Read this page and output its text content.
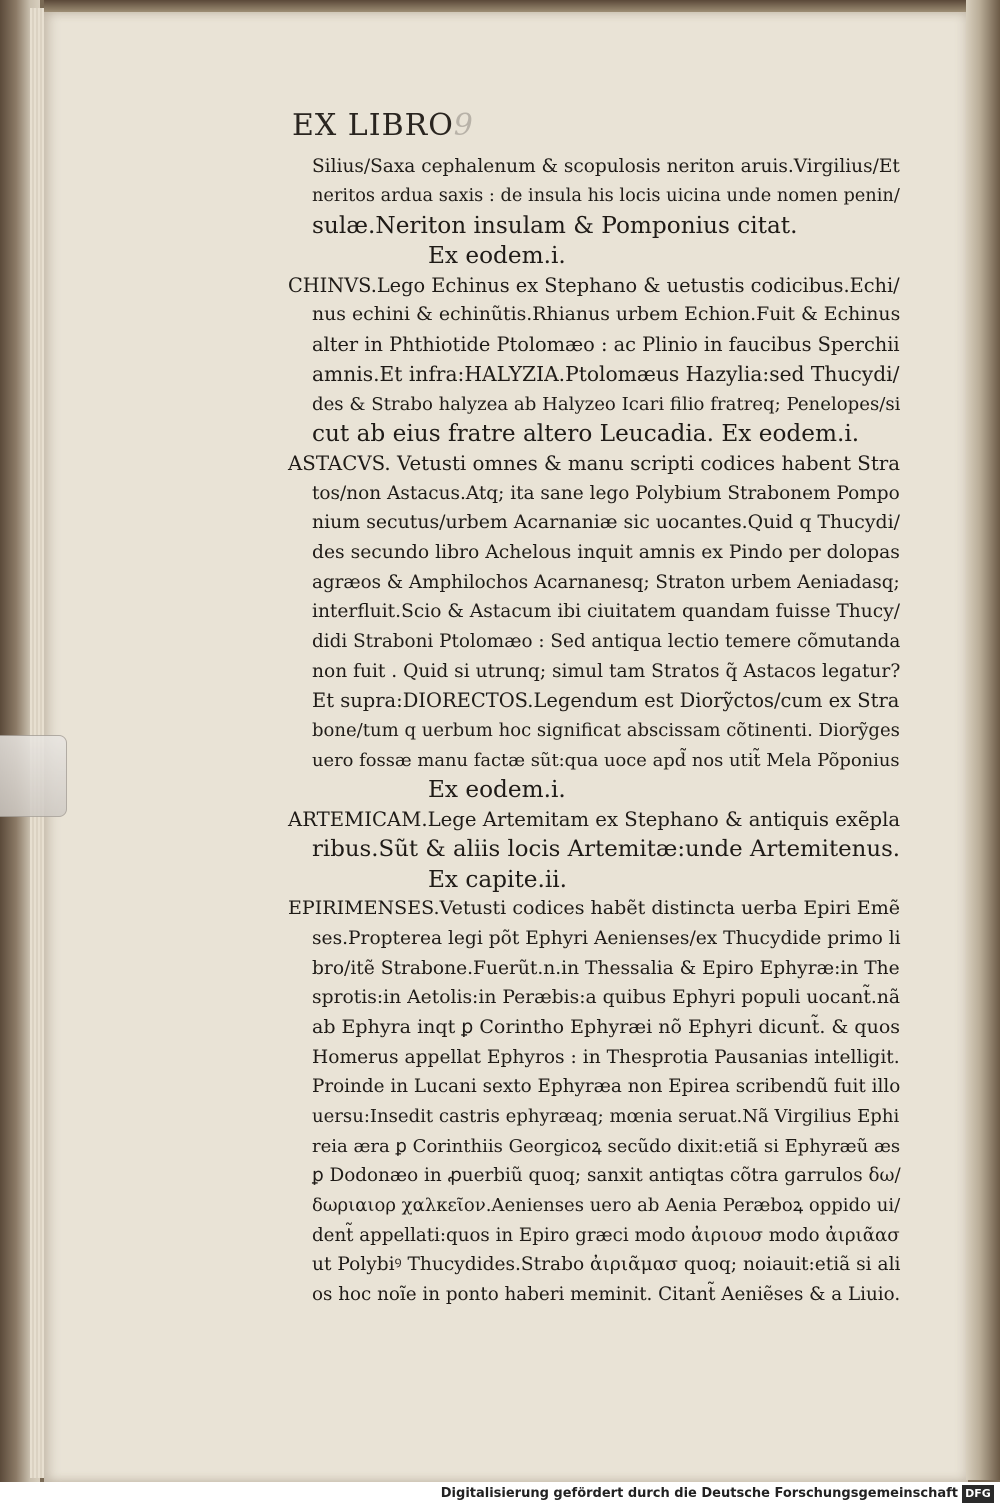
EX LIBRO9
Silius/Saxa cephalenum & scopulosis neriton aruis.Virgilius/Et
neritos ardua saxis : de insula his locis uicina unde nomen penin/
sulæ.Neriton insulam & Pomponius citat.
Ex eodem.i.
CHINVS.Lego Echinus ex Stephano & uetustis codicibus.Echi/
nus echini & echinũtis.Rhianus urbem Echion.Fuit & Echinus
alter in Phthiotide Ptolomæo : ac Plinio in faucibus Sperchii
amnis.Et infra:HALYZIA.Ptolomæus Hazylia:sed Thucydi/
des & Strabo halyzea ab Halyzeo Icari filio fratreq; Penelopes/si
cut ab eius fratre altero Leucadia. Ex eodem.i.
ASTACVS. Vetusti omnes & manu scripti codices habent Stra
tos/non Astacus.Atq; ita sane lego Polybium Strabonem Pompo
nium secutus/urbem Acarnaniæ sic uocantes.Quid q Thucydi/
des secundo libro Achelous inquit amnis ex Pindo per dolopas
agræos & Amphilochos Acarnanesq; Straton urbem Aeniadasq;
interfluit.Scio & Astacum ibi ciuitatem quandam fuisse Thucy/
didi Straboni Ptolomæo : Sed antiqua lectio temere cõmutanda
non fuit . Quid si utrunq; simul tam Stratos q̃ Astacos legatur?
Et supra:DIORECTOS.Legendum est Diorỹctos/cum ex Stra
bone/tum q uerbum hoc significat abscissam cõtinenti. Diorỹges
uero fossæ manu factæ sũt:qua uoce apd̃ nos utit̃ Mela Põponius
Ex eodem.i.
ARTEMICAM.Lege Artemitam ex Stephano & antiquis exẽpla
ribus.Sũt & aliis locis Artemitæ:unde Artemitenus.
Ex capite.ii.
EPIRIMENSES.Vetusti codices habẽt distincta uerba Epiri Emẽ
ses.Propterea legi põt Ephyri Aenienses/ex Thucydide primo li
bro/itẽ Strabone.Fuerũt.n.in Thessalia & Epiro Ephyræ:in The
sprotis:in Aetolis:in Peræbis:a quibus Ephyri populi uocant̃.nã
ab Ephyra inqt ꝑ Corintho Ephyræi nõ Ephyri dicunt̃. & quos
Homerus appellat Ephyros : in Thesprotia Pausanias intelligit.
Proinde in Lucani sexto Ephyræa non Epirea scribendũ fuit illo
uersu:Insedit castris ephyræaq; mœnia seruat.Nã Virgilius Ephi
reia æra ꝑ Corinthiis Georgicoꝝ secũdo dixit:etiã si Ephyræũ æs
ꝑ Dodonæo in ꝓuerbiũ quoq; sanxit antiqtas cõtra garrulos δω/
δωριαιορ χαλκεῖον.Aenienses uero ab Aenia Peræboꝝ oppido ui/
dent̃ appellati:quos in Epiro græci modo ἀιριουσ modo ἀιριᾶασ
ut Polybiꝰ Thucydides.Strabo ἀιριᾶμασ quoq; noiauit:etiã si ali
os hoc noĩe in ponto haberi meminit. Citant̃ Aeniẽses & a Liuio.
Digitalisierung gefördert durch die Deutsche Forschungsgemeinschaft DFG
